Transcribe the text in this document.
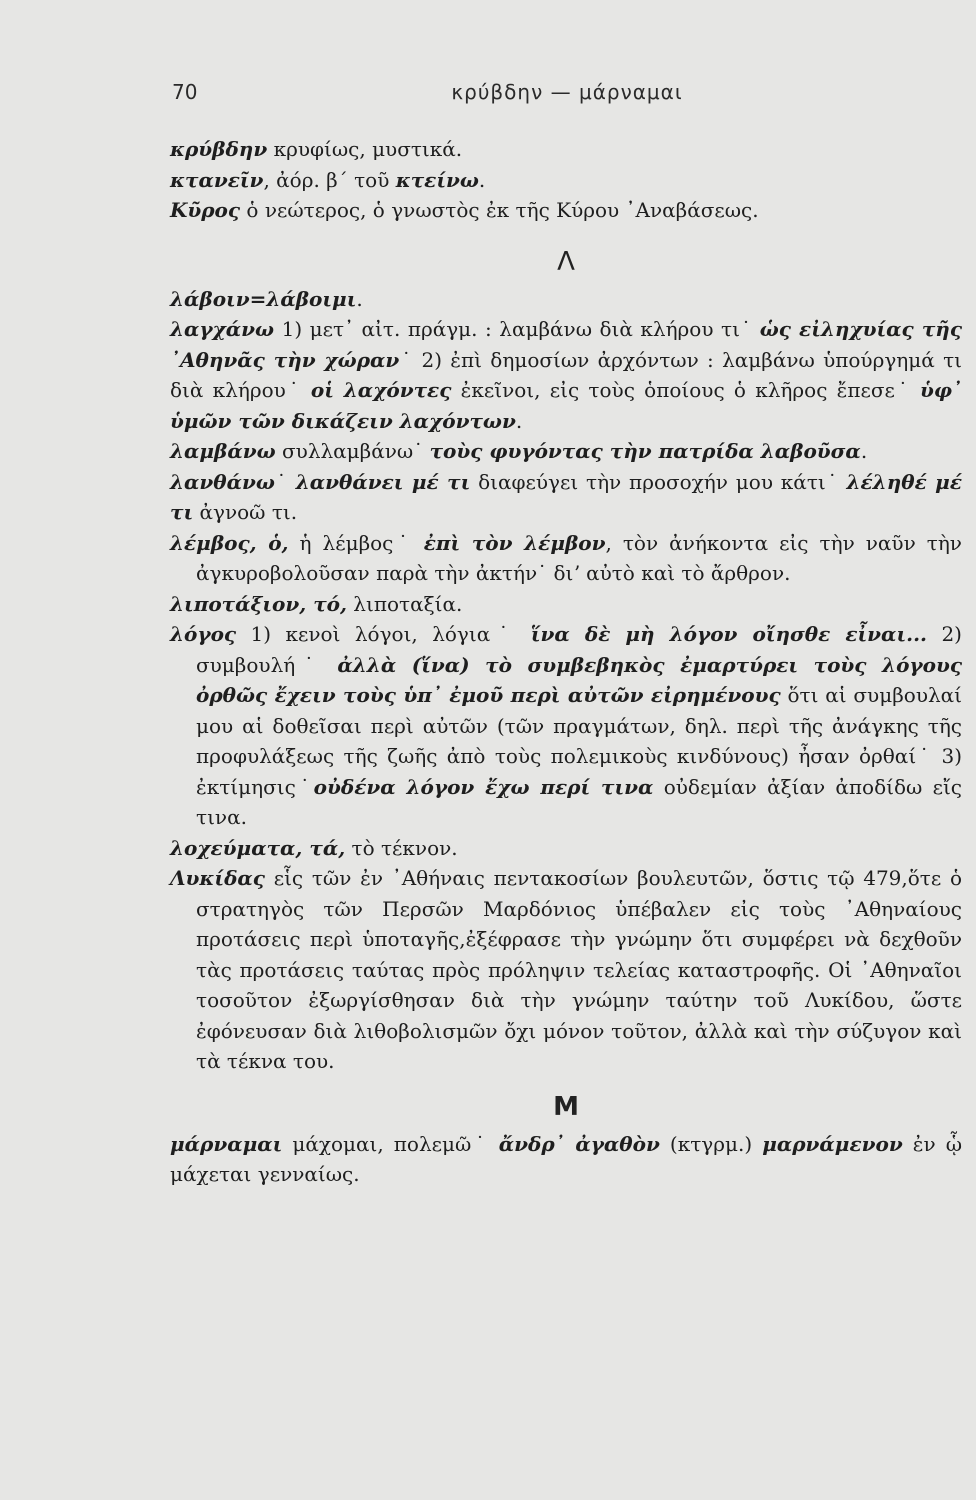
70	κρύβδην — μάρναμαι

κρύβδην κρυφίως, μυστικά.

κτανεῖν, ἀόρ. β΄ τοῦ κτείνω.

Κῦρος ὁ νεώτερος, ὁ γνωστὸς ἐκ τῆς Κύρου ᾿Αναβάσεως.

Λ

λάβοιν=λάβοιμι.

λαγχάνω 1) μετ᾿ αἰτ. πράγμ. : λαμβάνω διὰ κλήρου τι˙ ὡς εἰληχυίας τῆς ᾿Αθηνᾶς τὴν χώραν˙ 2) ἐπὶ δημοσίων ἀρχόντων : λαμβάνω ὑπούργημά τι διὰ κλήρου˙ οἱ λαχόντες ἐκεῖνοι, εἰς τοὺς ὁποίους ὁ κλῆρος ἔπεσε˙ ὑφ᾿ ὑμῶν τῶν δικάζειν λαχόντων.

λαμβάνω συλλαμβάνω˙ τοὺς φυγόντας τὴν πατρίδα λαβοῦσα.

λανθάνω˙ λανθάνει μέ τι διαφεύγει τὴν προσοχήν μου κάτι˙ λέληθέ μέ τι ἀγνοῶ τι.

λέμβος, ὁ, ἡ λέμβος˙ ἐπὶ τὸν λέμβον, τὸν ἀνήκοντα εἰς τὴν ναῦν τὴν ἀγκυροβολοῦσαν παρὰ τὴν ἀκτήν˙ διʼ αὐτὸ καὶ τὸ ἄρθρον.

λιποτάξιον, τό, λιποταξία.

λόγος 1) κενοὶ λόγοι, λόγια˙ ἵνα δὲ μὴ λόγον οἴησθε εἶναι... 2) συμβουλή˙ ἀλλὰ (ἵνα) τὸ συμβεβηκὸς ἐμαρτύρει τοὺς λόγους ὀρθῶς ἔχειν τοὺς ὑπ᾿ ἐμοῦ περὶ αὐτῶν εἰρημένους ὅτι αἱ συμβουλαί μου αἱ δοθεῖσαι περὶ αὐτῶν (τῶν πραγμάτων, δηλ. περὶ τῆς ἀνάγκης τῆς προφυλάξεως τῆς ζωῆς ἀπὸ τοὺς πολεμικοὺς κινδύνους) ἦσαν ὀρθαί˙ 3) ἐκτίμησις˙οὐδένα λόγον ἔχω περί τινα οὐδεμίαν ἀξίαν ἀποδίδω εἴς τινα.

λοχεύματα, τά, τὸ τέκνον.

Λυκίδας εἷς τῶν ἐν ᾿Αθήναις πεντακοσίων βουλευτῶν, ὅστις τῷ 479,ὅτε ὁ στρατηγὸς τῶν Περσῶν Μαρδόνιος ὑπέβαλεν εἰς τοὺς ᾿Αθηναίους προτάσεις περὶ ὑποταγῆς,ἐξέφρασε τὴν γνώμην ὅτι συμφέρει νὰ δεχθοῦν τὰς προτάσεις ταύτας πρὸς πρόληψιν τελείας καταστροφῆς. Οἱ ᾿Αθηναῖοι τοσοῦτον ἐξωργίσθησαν διὰ τὴν γνώμην ταύτην τοῦ Λυκίδου, ὥστε ἐφόνευσαν διὰ λιθοβολισμῶν ὄχι μόνον τοῦτον, ἀλλὰ καὶ τὴν σύζυγον καὶ τὰ τέκνα του.

Μ

μάρναμαι μάχομαι, πολεμῶ˙ ἄνδρ᾿ ἀγαθὸν (κτγρμ.) μαρνάμενον ἐν ᾧ μάχεται γενναίως.
